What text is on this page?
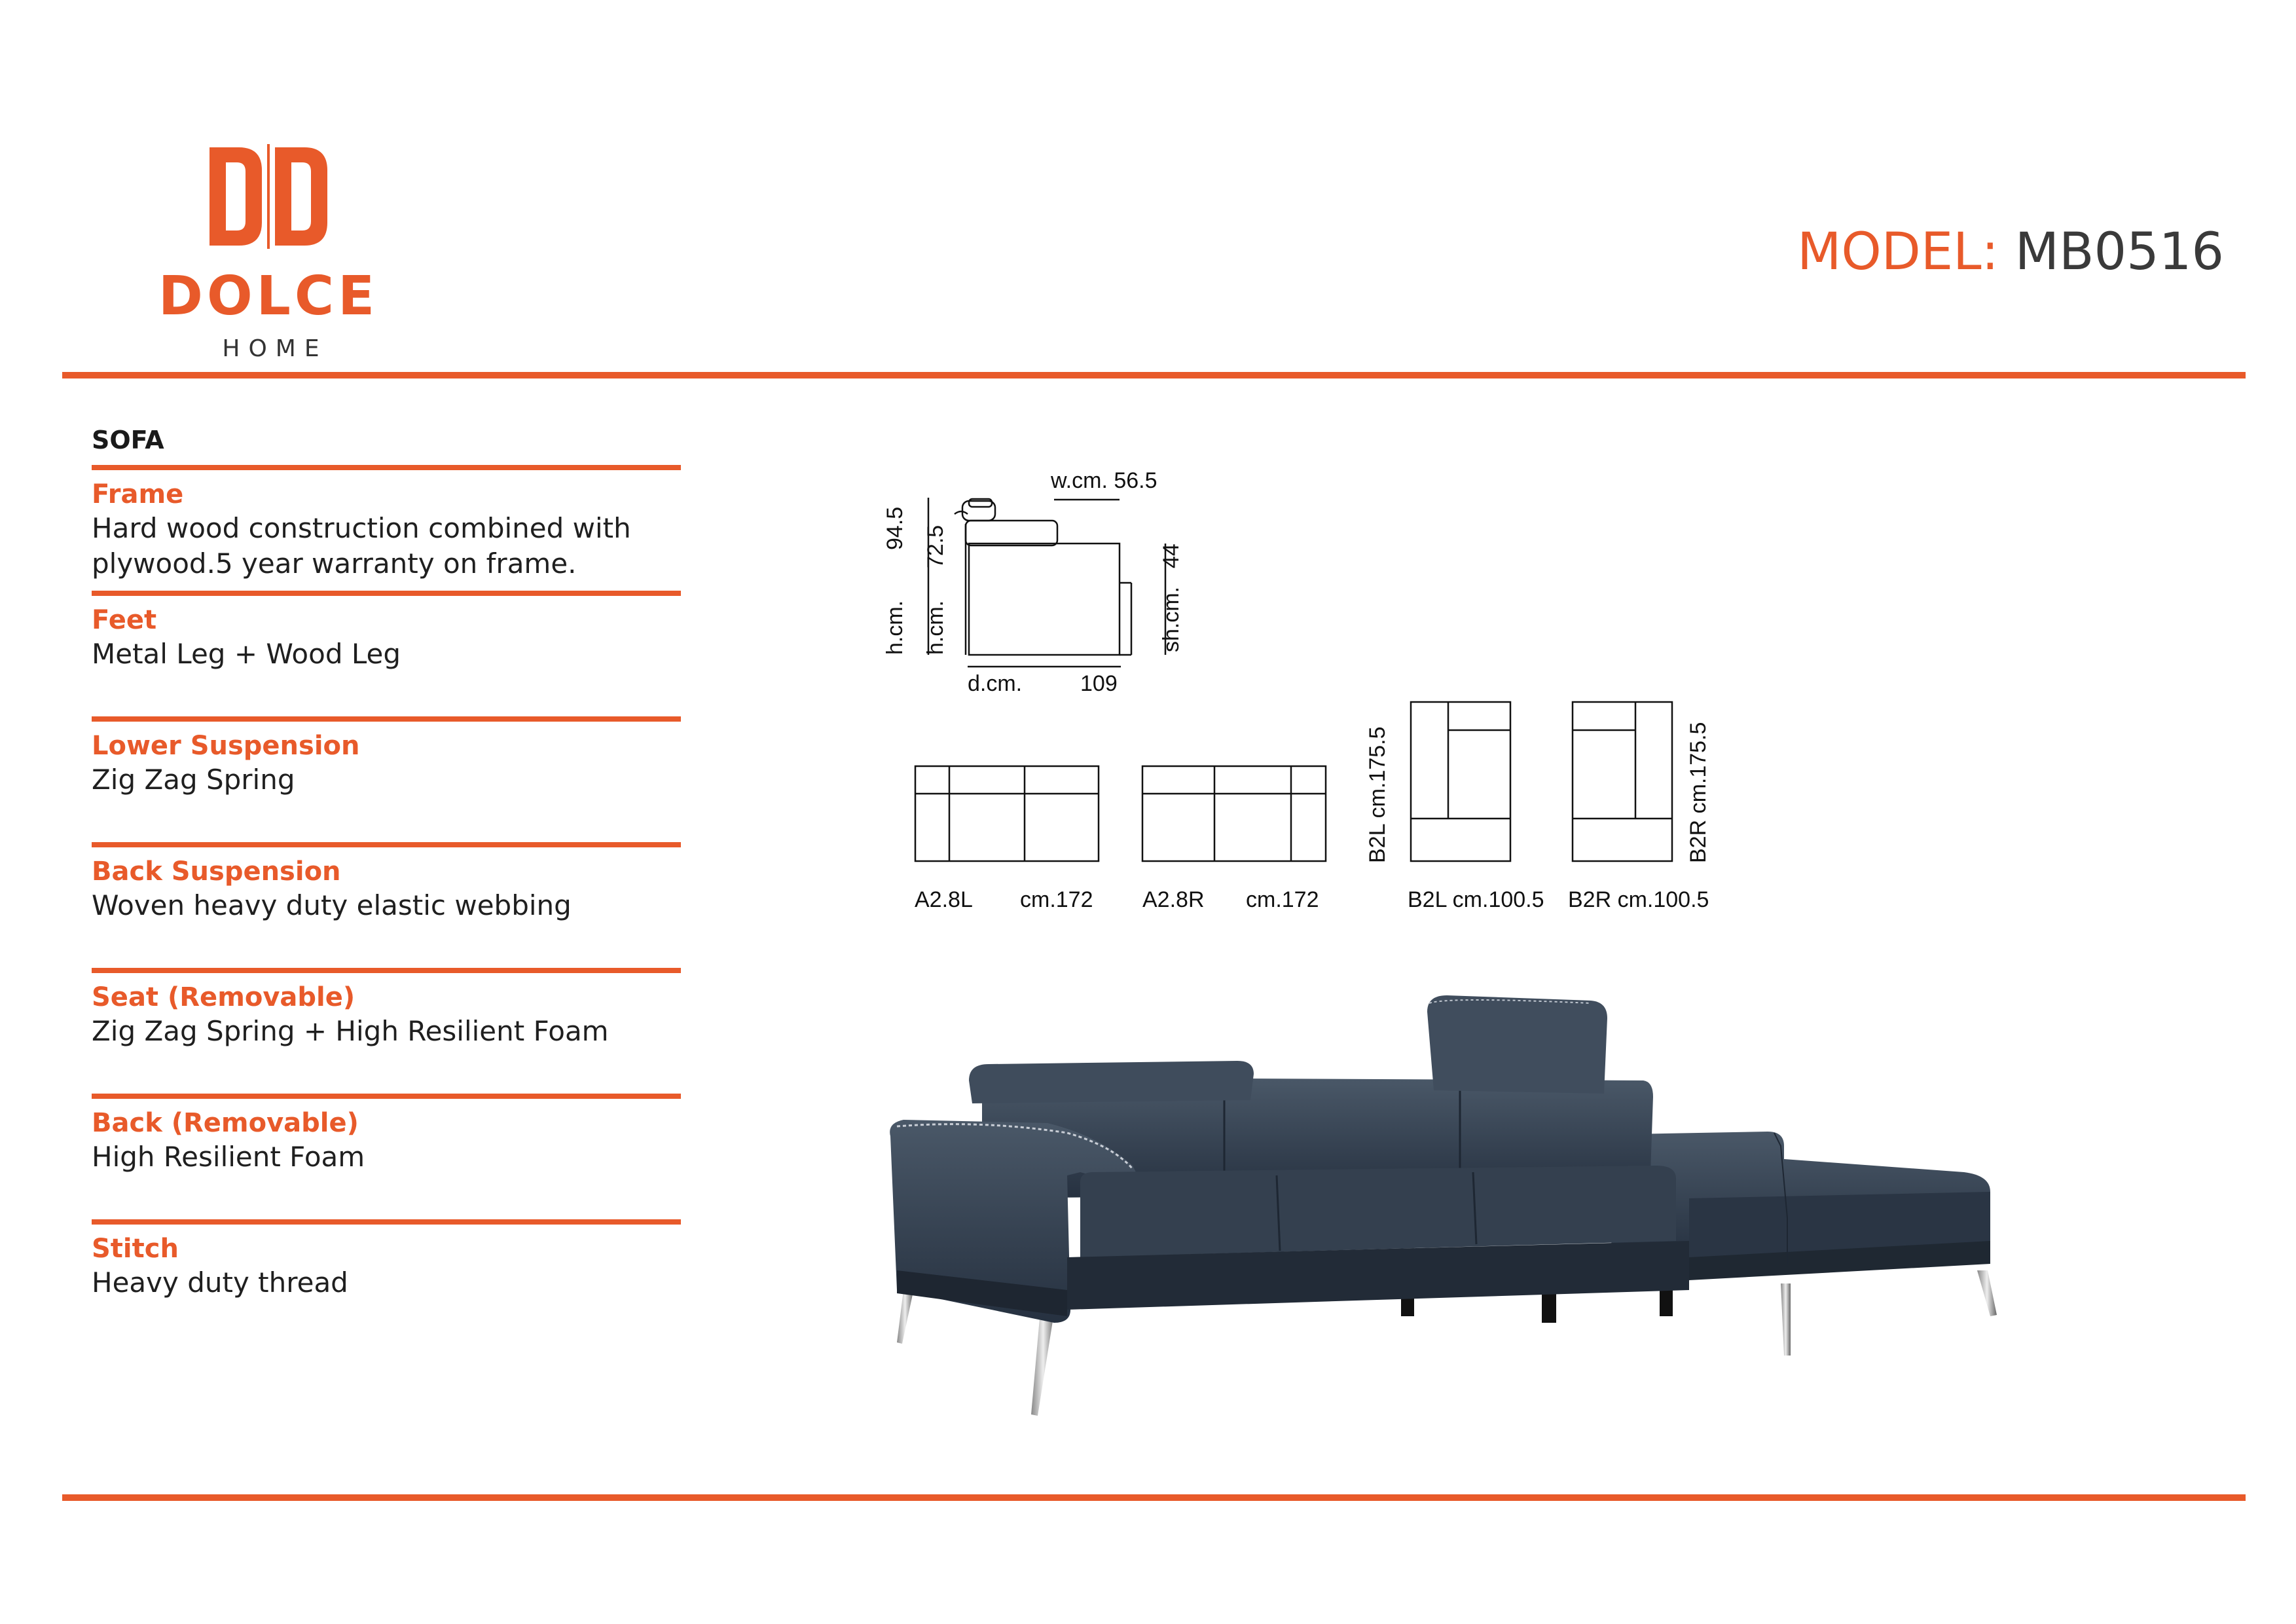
DOLCE
HOME
MODEL: MB0516
SOFA
Frame
Hard wood construction combined with plywood.5 year warranty on frame.
Feet
Metal Leg + Wood Leg
Lower Suspension
Zig Zag Spring
Back Suspension
Woven heavy duty elastic webbing
Seat (Removable)
Zig Zag Spring + High Resilient Foam
Back (Removable)
High Resilient Foam
Stitch
Heavy duty thread
w.cm. 56.5
h.cm.
94.5
h.cm.
72.5
sh.cm.
44
d.cm.	109
A2.8L cm.172 A2.8R cm.172
B2L cm.175.5
B2L cm.100.5
B2R cm.175.5
B2R cm.100.5
